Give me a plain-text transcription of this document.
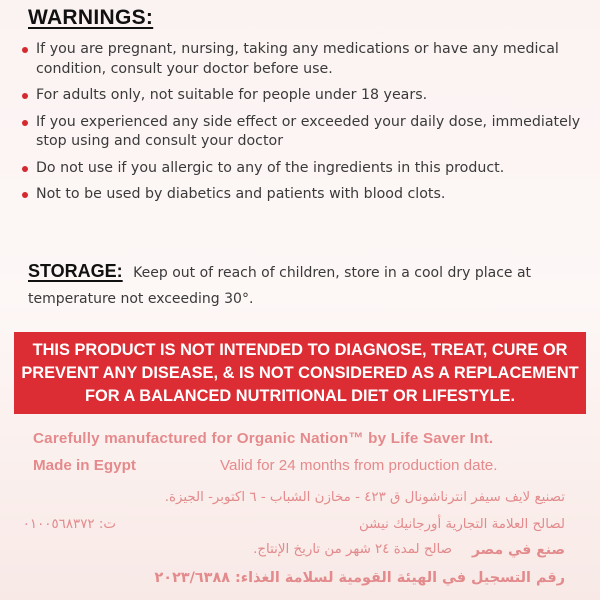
WARNINGS:
If you are pregnant, nursing, taking any medications or have any medical condition, consult your doctor before use.
For adults only, not suitable for people under 18 years.
If you experienced any side effect or exceeded your daily dose, immediately stop using and consult your doctor
Do not use if you allergic to any of the ingredients in this product.
Not to be used by diabetics and patients with blood clots.
STORAGE: Keep out of reach of children, store in a cool dry place at temperature not exceeding 30°.
THIS PRODUCT IS NOT INTENDED TO DIAGNOSE, TREAT, CURE OR PREVENT ANY DISEASE, & IS NOT CONSIDERED AS A REPLACEMENT FOR A BALANCED NUTRITIONAL DIET OR LIFESTYLE.
Carefully manufactured for Organic Nation™ by Life Saver Int.
Made in Egypt	Valid for 24 months from production date.
تصنيع لايف سيفر انترناشونال ق ٤٢٣ - مخازن الشباب - ٦ اكتوبر- الجيزة.
لصالح العلامة التجارية أورجانيك نيشن
ت: ٠١٠٠٥٦٨٣٧٢
صنع في مصر
صالح لمدة ٢٤ شهر من تاريخ الإنتاج.
رقم التسجيل في الهيئة القومية لسلامة الغذاء: ٢٠٢٣/٦٣٨٨
